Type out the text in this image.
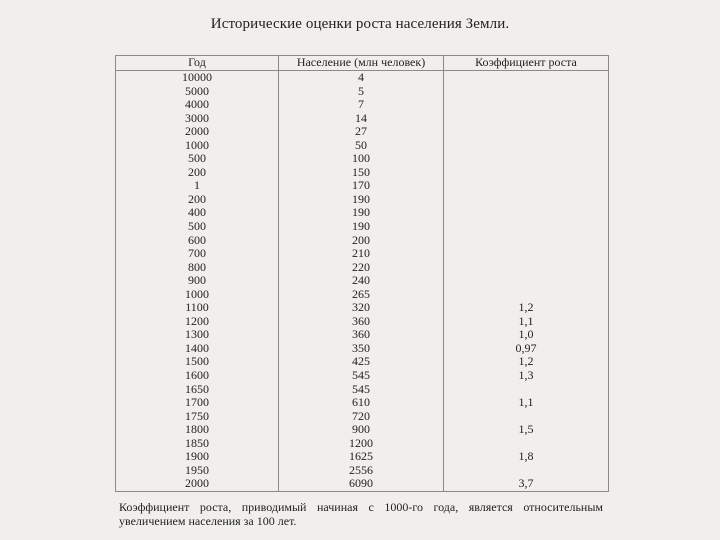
Исторические оценки роста населения Земли.
Год	Население (млн человек)	Коэффициент роста
10000	4	
5000	5	
4000	7	
3000	14	
2000	27	
1000	50	
500	100	
200	150	
1	170	
200	190	
400	190	
500	190	
600	200	
700	210	
800	220	
900	240	
1000	265	
1100	320	1,2
1200	360	1,1
1300	360	1,0
1400	350	0,97
1500	425	1,2
1600	545	1,3
1650	545	
1700	610	1,1
1750	720	
1800	900	1,5
1850	1200	
1900	1625	1,8
1950	2556	
2000	6090	3,7
Коэффициент роста, приводимый начиная с 1000-го года, является относительным увеличением населения за 100 лет.
